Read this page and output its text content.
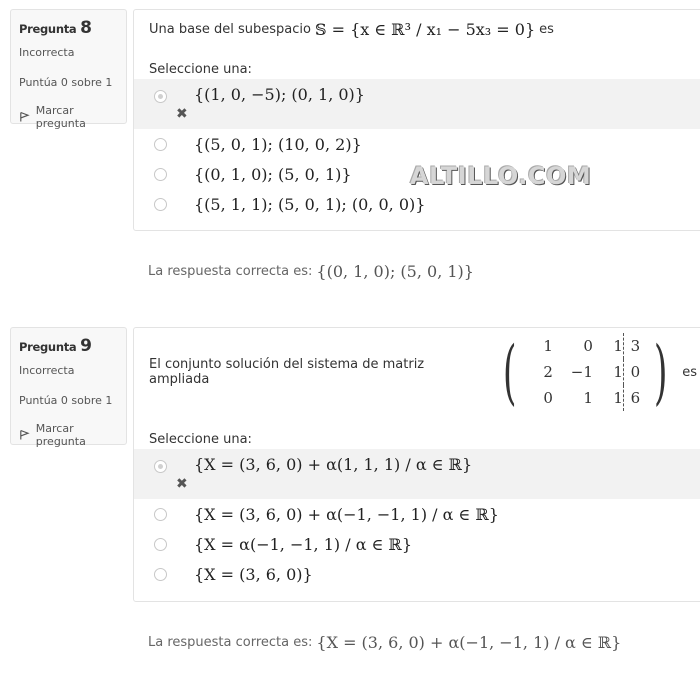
Pregunta 8
Incorrecta
Puntúa 0 sobre 1
Marcar pregunta
Una base del subespacio 𝕊 = {x ∈ ℝ³ / x₁ − 5x₃ = 0} es
Seleccione una:
{(1, 0, −5); (0, 1, 0)}
✖
{(5, 0, 1); (10, 0, 2)}
{(0, 1, 0); (5, 0, 1)}
{(5, 1, 1); (5, 0, 1); (0, 0, 0)}
La respuesta correcta es: {(0, 1, 0); (5, 0, 1)}
ALTILLO.COM
Pregunta 9
Incorrecta
Puntúa 0 sobre 1
Marcar pregunta
El conjunto solución del sistema de matriz ampliada	(	1	0	1 3
2	−1	1 0
0	1	1 6 ) es
Seleccione una:
{X = (3, 6, 0) + α(1, 1, 1) / α ∈ ℝ}
✖
{X = (3, 6, 0) + α(−1, −1, 1) / α ∈ ℝ}
{X = α(−1, −1, 1) / α ∈ ℝ}
{X = (3, 6, 0)}
La respuesta correcta es: {X = (3, 6, 0) + α(−1, −1, 1) / α ∈ ℝ}
